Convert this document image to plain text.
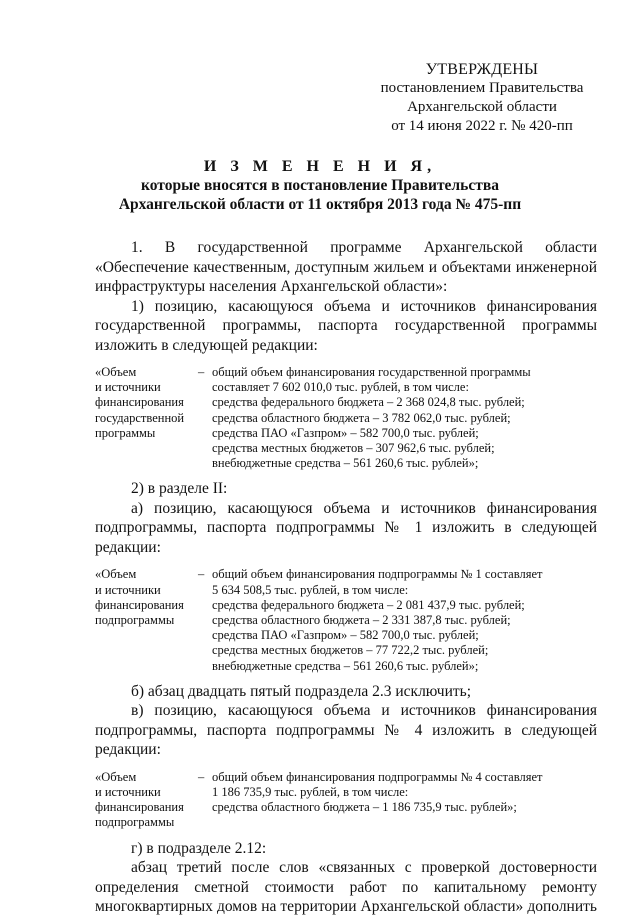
УТВЕРЖДЕНЫ
постановлением Правительства
Архангельской области
от 14 июня 2022 г. № 420-пп
И З М Е Н Е Н И Я,
которые вносятся в постановление Правительства
Архангельской области от 11 октября 2013 года № 475-пп

1. В государственной программе Архангельской области «Обеспечение качественным, доступным жильем и объектами инженерной инфраструктуры населения Архангельской области»:

1) позицию, касающуюся объема и источников финансирования государственной программы, паспорта государственной программы изложить в следующей редакции:

«Объем
и источники
финансирования
государственной
программы
– общий объем финансирования государственной программы
составляет 7 602 010,0 тыс. рублей, в том числе:
средства федерального бюджета – 2 368 024,8 тыс. рублей;
средства областного бюджета – 3 782 062,0 тыс. рублей;
средства ПАО «Газпром» – 582 700,0 тыс. рублей;
средства местных бюджетов – 307 962,6 тыс. рублей;
внебюджетные средства – 561 260,6 тыс. рублей»;

2) в разделе II:

а) позицию, касающуюся объема и источников финансирования подпрограммы, паспорта подпрограммы № 1 изложить в следующей редакции:

«Объем
и источники
финансирования
подпрограммы
– общий объем финансирования подпрограммы № 1 составляет
5 634 508,5 тыс. рублей, в том числе:
средства федерального бюджета – 2 081 437,9 тыс. рублей;
средства областного бюджета – 2 331 387,8 тыс. рублей;
средства ПАО «Газпром» – 582 700,0 тыс. рублей;
средства местных бюджетов – 77 722,2 тыс. рублей;
внебюджетные средства – 561 260,6 тыс. рублей»;

б) абзац двадцать пятый подраздела 2.3 исключить;

в) позицию, касающуюся объема и источников финансирования подпрограммы, паспорта подпрограммы № 4 изложить в следующей редакции:

«Объем
и источники
финансирования
подпрограммы
– общий объем финансирования подпрограммы № 4 составляет
1 186 735,9 тыс. рублей, в том числе:
средства областного бюджета – 1 186 735,9 тыс. рублей»;

г) в подразделе 2.12:

абзац третий после слов «связанных с проверкой достоверности определения сметной стоимости работ по капитальному ремонту многоквартирных домов на территории Архангельской области» дополнить
